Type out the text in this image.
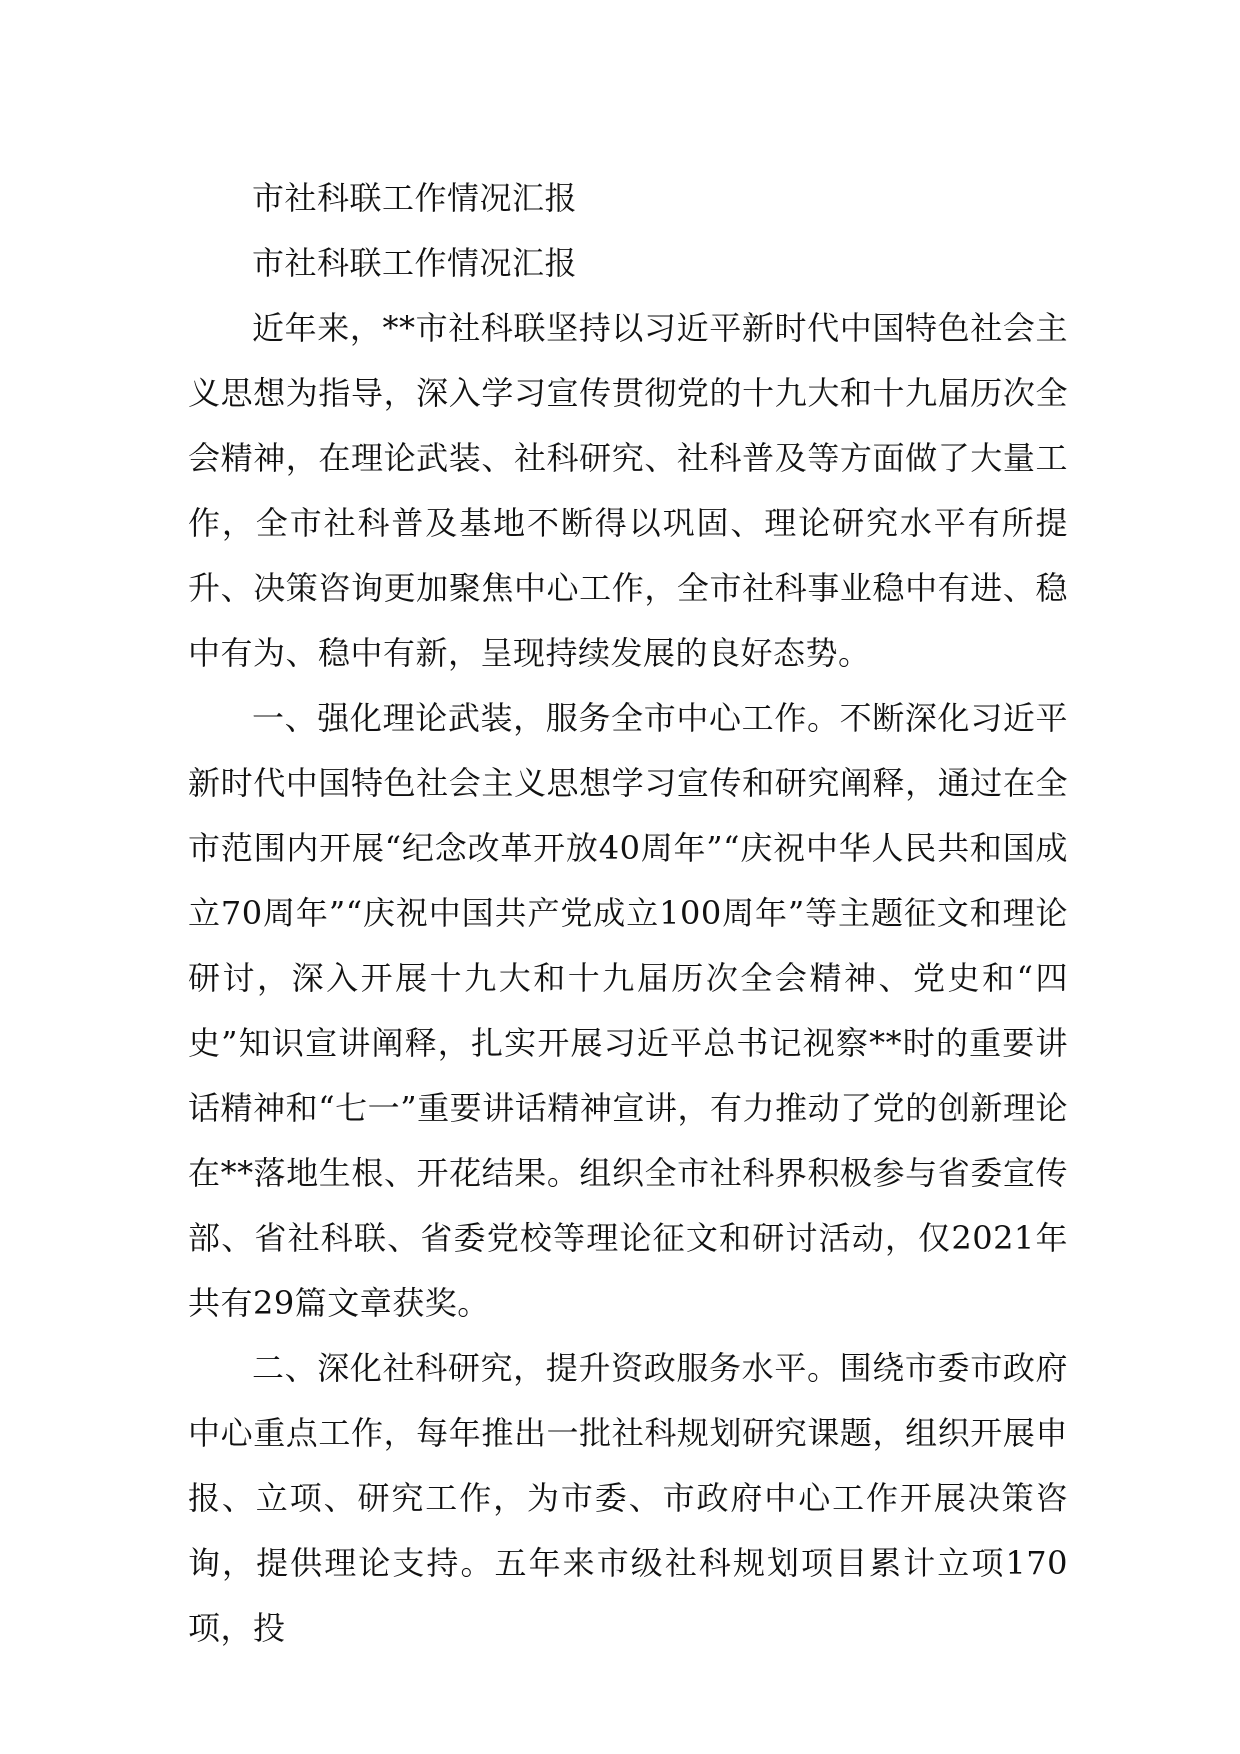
市社科联工作情况汇报

市社科联工作情况汇报

近年来，**市社科联坚持以习近平新时代中国特色社会主义思想为指导，深入学习宣传贯彻党的十九大和十九届历次全会精神，在理论武装、社科研究、社科普及等方面做了大量工作，全市社科普及基地不断得以巩固、理论研究水平有所提升、决策咨询更加聚焦中心工作，全市社科事业稳中有进、稳中有为、稳中有新，呈现持续发展的良好态势。

一、强化理论武装，服务全市中心工作。不断深化习近平新时代中国特色社会主义思想学习宣传和研究阐释，通过在全市范围内开展“纪念改革开放40周年”“庆祝中华人民共和国成立70周年”“庆祝中国共产党成立100周年”等主题征文和理论研讨，深入开展十九大和十九届历次全会精神、党史和“四史”知识宣讲阐释，扎实开展习近平总书记视察**时的重要讲话精神和“七一”重要讲话精神宣讲，有力推动了党的创新理论在**落地生根、开花结果。组织全市社科界积极参与省委宣传部、省社科联、省委党校等理论征文和研讨活动，仅2021年共有29篇文章获奖。

二、深化社科研究，提升资政服务水平。围绕市委市政府中心重点工作，每年推出一批社科规划研究课题，组织开展申报、立项、研究工作，为市委、市政府中心工作开展决策咨询，提供理论支持。五年来市级社科规划项目累计立项170项，投
